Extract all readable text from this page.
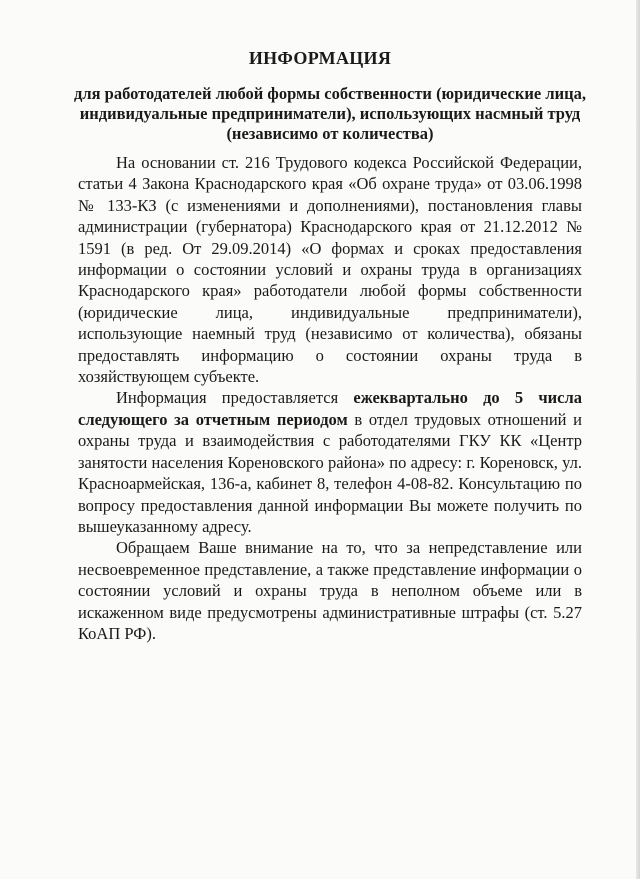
ИНФОРМАЦИЯ
для работодателей любой формы собственности (юридические лица, индивидуальные предприниматели), использующих насмный труд (независимо от количества)

На основании ст. 216 Трудового кодекса Российской Федерации, статьи 4 Закона Краснодарского края «Об охране труда» от 03.06.1998 № 133-КЗ (с изменениями и дополнениями), постановления главы администрации (губернатора) Краснодарского края от 21.12.2012 № 1591 (в ред. От 29.09.2014) «О формах и сроках предоставления информации о состоянии условий и охраны труда в организациях Краснодарского края» работодатели любой формы собственности (юридические лица, индивидуальные предприниматели), использующие наемный труд (независимо от количества), обязаны предоставлять информацию о состоянии охраны труда в хозяйствующем субъекте.

Информация предоставляется ежеквартально до 5 числа следующего за отчетным периодом в отдел трудовых отношений и охраны труда и взаимодействия с работодателями ГКУ КК «Центр занятости населения Кореновского района» по адресу: г. Кореновск, ул. Красноармейская, 136-а, кабинет 8, телефон 4-08-82. Консультацию по вопросу предоставления данной информации Вы можете получить по вышеуказанному адресу.

Обращаем Ваше внимание на то, что за непредставление или несвоевременное представление, а также представление информации о состоянии условий и охраны труда в неполном объеме или в искаженном виде предусмотрены административные штрафы (ст. 5.27 КоАП РФ).
